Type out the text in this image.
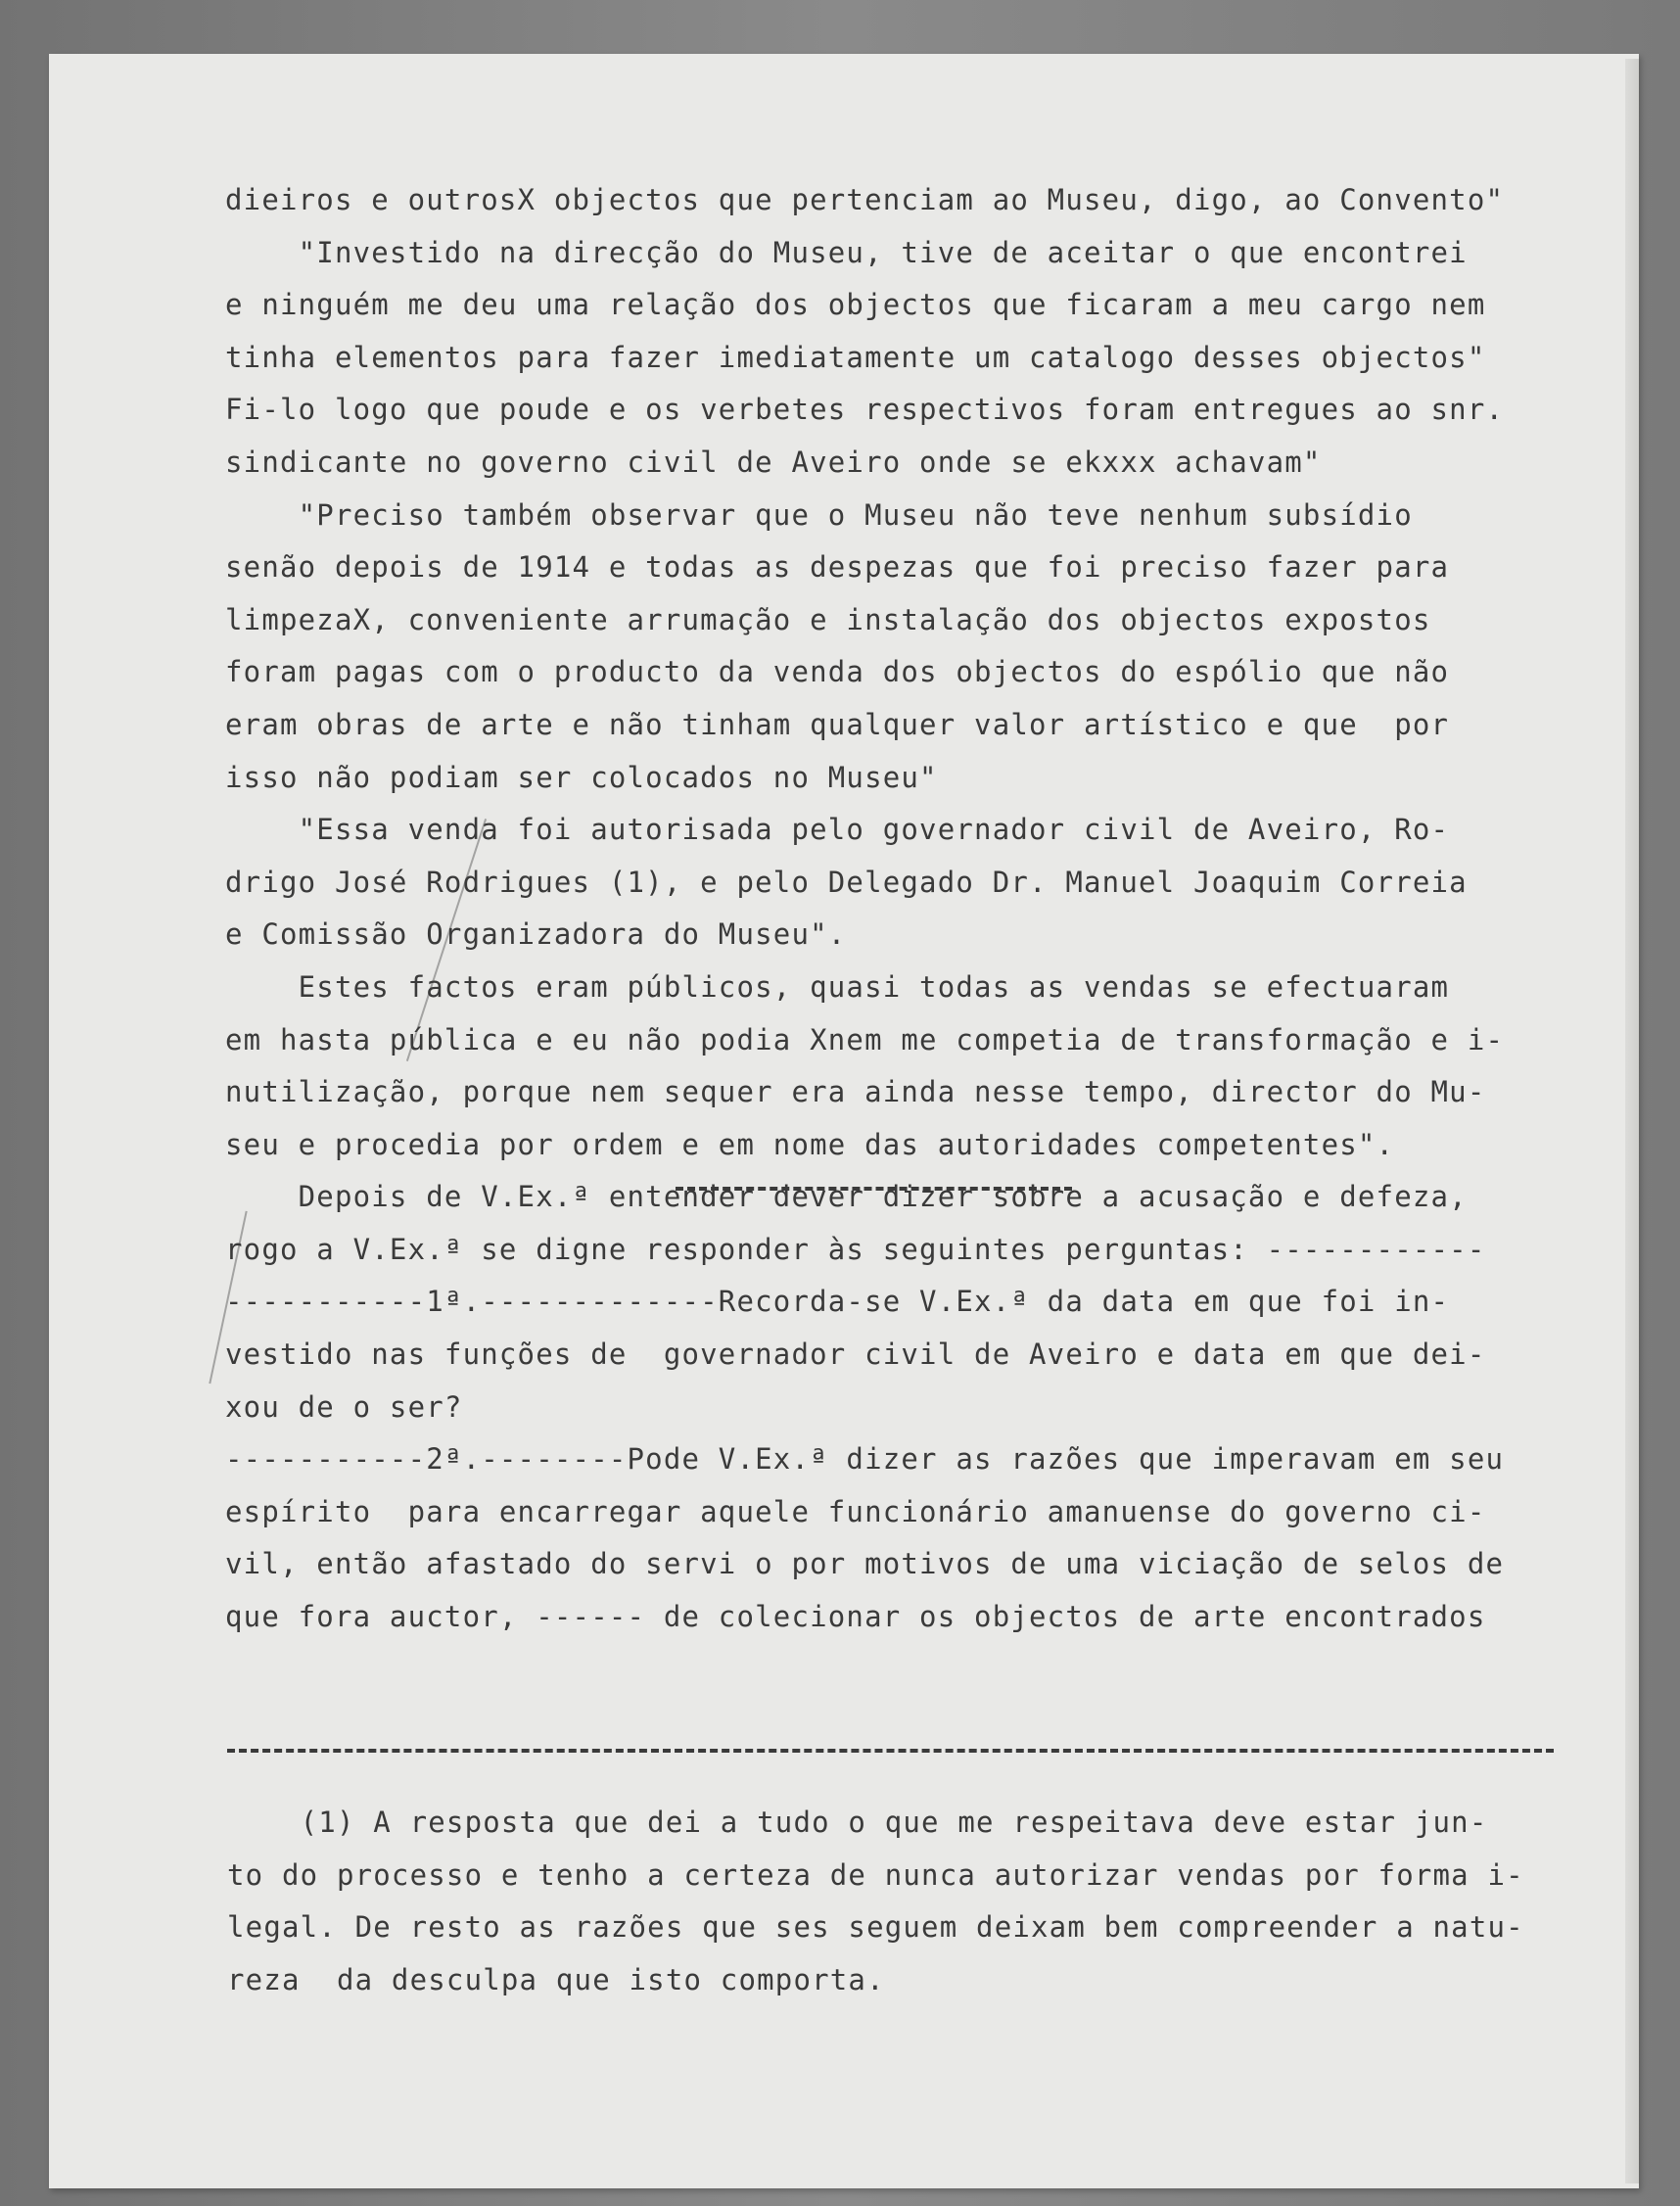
dieiros e outrosX objectos que pertenciam ao Museu, digo, ao Convento"
"Investido na direcção do Museu, tive de aceitar o que encontrei
e ninguém me deu uma relação dos objectos que ficaram a meu cargo nem
tinha elementos para fazer imediatamente um catalogo desses objectos"
Fi-lo logo que poude e os verbetes respectivos foram entregues ao snr.
sindicante no governo civil de Aveiro onde se ekxxx achavam"
"Preciso também observar que o Museu não teve nenhum subsídio
senão depois de 1914 e todas as despezas que foi preciso fazer para
limpezaX, conveniente arrumação e instalação dos objectos expostos
foram pagas com o producto da venda dos objectos do espólio que não
eram obras de arte e não tinham qualquer valor artístico e que  por
isso não podiam ser colocados no Museu"
"Essa venda foi autorisada pelo governador civil de Aveiro, Ro-
drigo José Rodrigues (1), e pelo Delegado Dr. Manuel Joaquim Correia
e Comissão Organizadora do Museu".
Estes factos eram públicos, quasi todas as vendas se efectuaram
em hasta pública e eu não podia Xnem me competia de transformação e i-
nutilização, porque nem sequer era ainda nesse tempo, director do Mu-
seu e procedia por ordem e em nome das autoridades competentes".
Depois de V.Ex.ª entender dever dizer sobre a acusação e defeza,
rogo a V.Ex.ª se digne responder às seguintes perguntas: ------------
-----------1ª.-------------Recorda-se V.Ex.ª da data em que foi in-
vestido nas funções de  governador civil de Aveiro e data em que dei-
xou de o ser?
-----------2ª.--------Pode V.Ex.ª dizer as razões que imperavam em seu
espírito  para encarregar aquele funcionário amanuense do governo ci-
vil, então afastado do servi o por motivos de uma viciação de selos de
que fora auctor, ------ de colecionar os objectos de arte encontrados
(1) A resposta que dei a tudo o que me respeitava deve estar jun-
to do processo e tenho a certeza de nunca autorizar vendas por forma i-
legal. De resto as razões que ses seguem deixam bem compreender a natu-
reza  da desculpa que isto comporta.
